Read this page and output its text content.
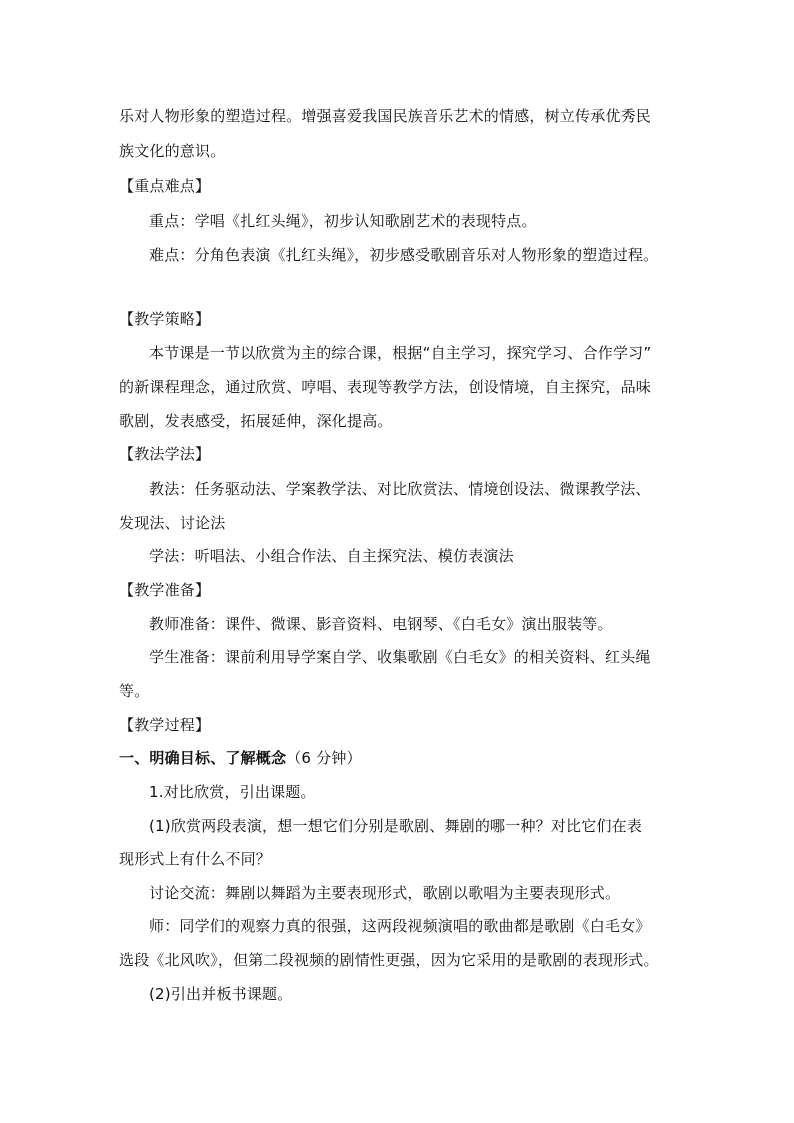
乐对人物形象的塑造过程。增强喜爱我国民族音乐艺术的情感，树立传承优秀民
族文化的意识。
【重点难点】
重点：学唱《扎红头绳》，初步认知歌剧艺术的表现特点。
难点：分角色表演《扎红头绳》，初步感受歌剧音乐对人物形象的塑造过程。
【教学策略】
本节课是一节以欣赏为主的综合课，根据“自主学习，探究学习、合作学习”
的新课程理念，通过欣赏、哼唱、表现等教学方法，创设情境，自主探究，品味
歌剧，发表感受，拓展延伸，深化提高。
【教法学法】
教法：任务驱动法、学案教学法、对比欣赏法、情境创设法、微课教学法、
发现法、讨论法
学法：听唱法、小组合作法、自主探究法、模仿表演法
【教学准备】
教师准备：课件、微课、影音资料、电钢琴、《白毛女》演出服装等。
学生准备：课前利用导学案自学、收集歌剧《白毛女》的相关资料、红头绳
等。
【教学过程】
一、明确目标、了解概念（6 分钟）
1.对比欣赏，引出课题。
(1)欣赏两段表演，想一想它们分别是歌剧、舞剧的哪一种？对比它们在表
现形式上有什么不同？
讨论交流：舞剧以舞蹈为主要表现形式，歌剧以歌唱为主要表现形式。
师：同学们的观察力真的很强，这两段视频演唱的歌曲都是歌剧《白毛女》
选段《北风吹》，但第二段视频的剧情性更强，因为它采用的是歌剧的表现形式。
(2)引出并板书课题。
